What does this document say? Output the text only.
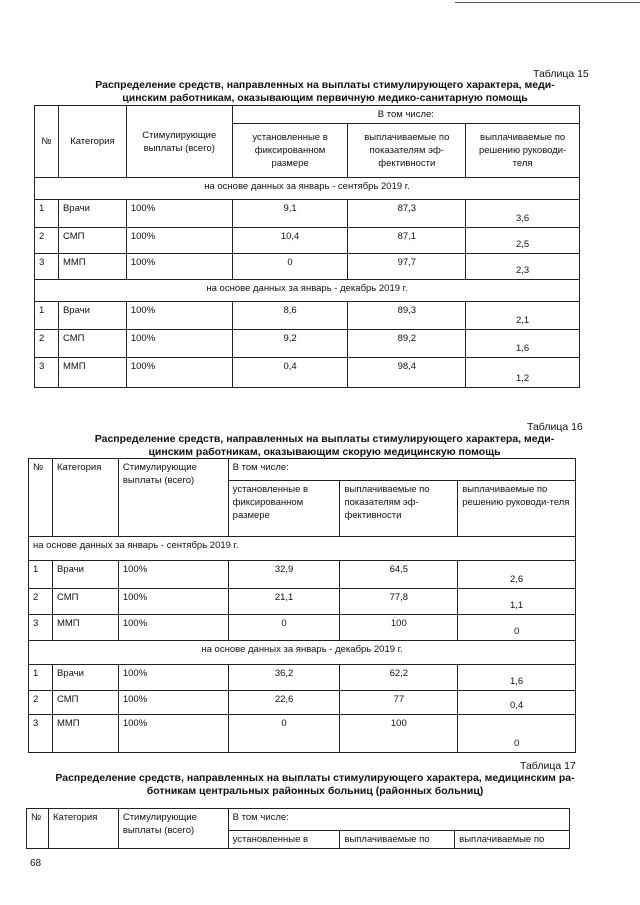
Таблица 15
Распределение средств, направленных на выплаты стимулирующего характера, меди-
цинским работникам, оказывающим первичную медико-санитарную помощь
№	Категория	Стимулирующие выплаты (всего)	В том числе:		
			установленные в фиксированном размере	выплачиваемые по показателям эф-фективности	выплачиваемые по решению руководи-теля
на основе данных за январь - сентябрь 2019 г.					
1	Врачи	100%	9,1	87,3	3,6
2	СМП	100%	10,4	87,1	2,5
3	ММП	100%	0	97,7	2,3
на основе данных за январь - декабрь 2019 г.					
1	Врачи	100%	8,6	89,3	2,1
2	СМП	100%	9,2	89,2	1,6
3	ММП	100%	0,4	98,4	1,2
Таблица 16
Распределение средств, направленных на выплаты стимулирующего характера, меди-
цинским работникам, оказывающим скорую медицинскую помощь
№	Категория	Стимулирующие выплаты (всего)	В том числе:		
			установленные в фиксированном размере	выплачиваемые по показателям эф-фективности	выплачиваемые по решению руководи-теля
на основе данных за январь - сентябрь 2019 г.					
1	Врачи	100%	32,9	64,5	2,6
2	СМП	100%	21,1	77,8	1,1
3	ММП	100%	0	100	0
на основе данных за январь - декабрь 2019 г.					
1	Врачи	100%	36,2	62,2	1,6
2	СМП	100%	22,6	77	0,4
3	ММП	100%	0	100	0
Таблица 17
Распределение средств, направленных на выплаты стимулирующего характера, медицинским ра-
ботникам центральных районных больниц (районных больниц)
№	Категория	Стимулирующие выплаты (всего)	В том числе:		
			установленные в	выплачиваемые по	выплачиваемые по
68
